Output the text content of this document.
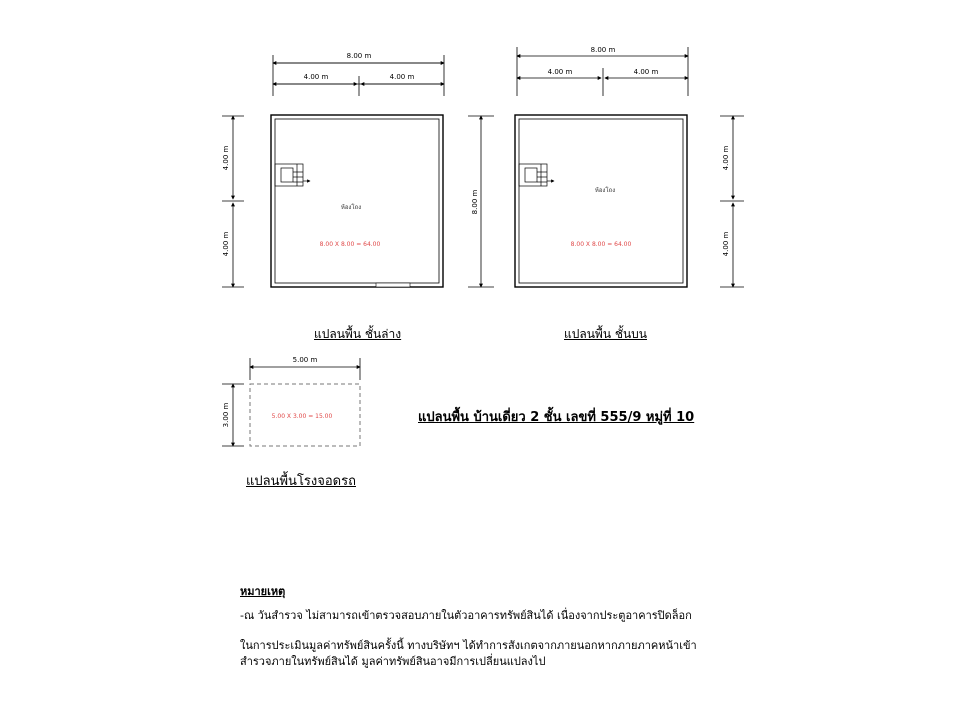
8.00 m
4.00 m	4.00 m
4.00 m
4.00 m
8.00 m
ห้องโถง
8.00 X 8.00 = 64.00
8.00 m
4.00 m	4.00 m
4.00 m
4.00 m
ห้องโถง
8.00 X 8.00 = 64.00
5.00 m
3.00 m	5.00 X 3.00 = 15.00
แปลนพื้น ชั้นล่าง	แปลนพื้น ชั้นบน
แปลนพื้นโรงจอดรถ
แปลนพื้น บ้านเดี่ยว 2 ชั้น เลขที่ 555/9 หมู่ที่ 10
หมายเหตุ
-ณ วันสำรวจ ไม่สามารถเข้าตรวจสอบภายในตัวอาคารทรัพย์สินได้ เนื่องจากประตูอาคารปิดล็อก
ในการประเมินมูลค่าทรัพย์สินครั้งนี้ ทางบริษัทฯ ได้ทำการสังเกตจากภายนอกหากภายภาคหน้าเข้า
สำรวจภายในทรัพย์สินได้ มูลค่าทรัพย์สินอาจมีการเปลี่ยนแปลงไป
